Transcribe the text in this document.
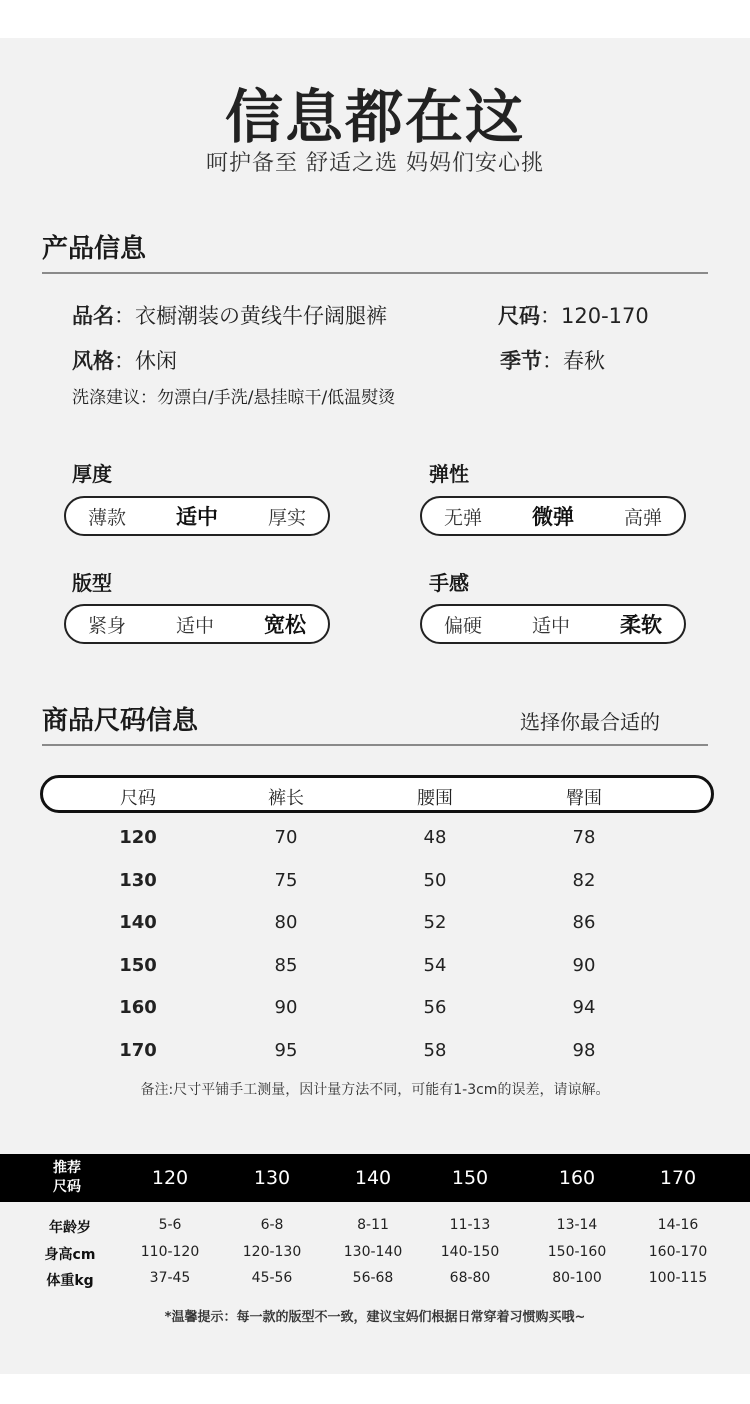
信息都在这
呵护备至 舒适之选 妈妈们安心挑
产品信息
品名：衣橱潮装の黄线牛仔阔腿裤	尺码：120-170
风格：休闲	季节：春秋
洗涤建议：勿漂白/手洗/悬挂晾干/低温熨烫
厚度
薄款 适中	厚实
弹性
无弹 微弹	高弹
版型
紧身	适中 宽松
手感
偏硬	适中 柔软
商品尺码信息	选择你最合适的
尺码	裤长	腰围	臀围
120	70	48	78
130	75	50	82
140	80	52	86
150	85	54	90
160	90	56	94
170	95	58	98
备注:尺寸平铺手工测量，因计量方法不同，可能有1-3cm的误差，请谅解。
推荐
尺码	120	130	140	150	160	170
年龄岁	5-6	6-8	8-11	11-13	13-14	14-16
身高cm	110-120	120-130	130-140	140-150	150-160	160-170
体重kg	37-45	45-56	56-68	68-80	80-100	100-115
*温馨提示：每一款的版型不一致，建议宝妈们根据日常穿着习惯购买哦~
